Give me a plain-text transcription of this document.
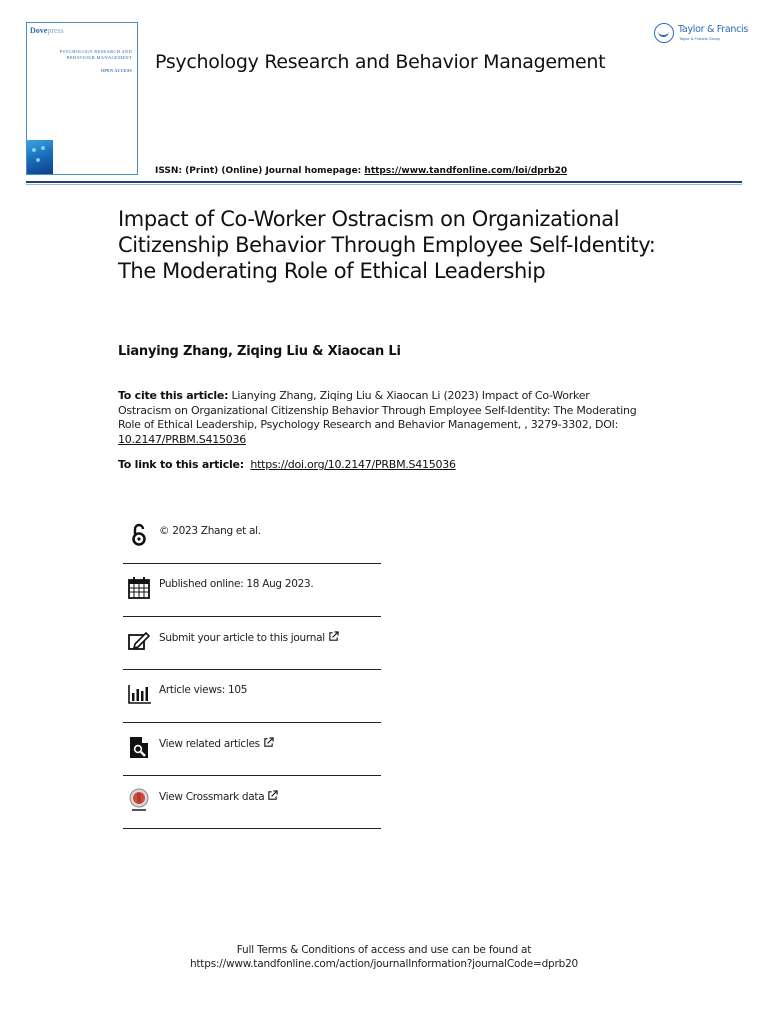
Dovepress
PSYCHOLOGY RESEARCH AND BEHAVIOUR MANAGEMENT
OPEN ACCESS Psychology Research and Behavior Management
Taylor & Francis
Taylor & Francis Group
ISSN: (Print) (Online) Journal homepage: https://www.tandfonline.com/loi/dprb20
Impact of Co-Worker Ostracism on Organizational Citizenship Behavior Through Employee Self-Identity: The Moderating Role of Ethical Leadership
Lianying Zhang, Ziqing Liu & Xiaocan Li
To cite this article: Lianying Zhang, Ziqing Liu & Xiaocan Li (2023) Impact of Co-Worker Ostracism on Organizational Citizenship Behavior Through Employee Self-Identity: The Moderating Role of Ethical Leadership, Psychology Research and Behavior Management, , 3279-3302, DOI: 10.2147/PRBM.S415036
To link to this article: https://doi.org/10.2147/PRBM.S415036
© 2023 Zhang et al.
Published online: 18 Aug 2023.
Submit your article to this journal
Article views: 105
View related articles
View Crossmark data
Full Terms & Conditions of access and use can be found at
https://www.tandfonline.com/action/journalInformation?journalCode=dprb20
